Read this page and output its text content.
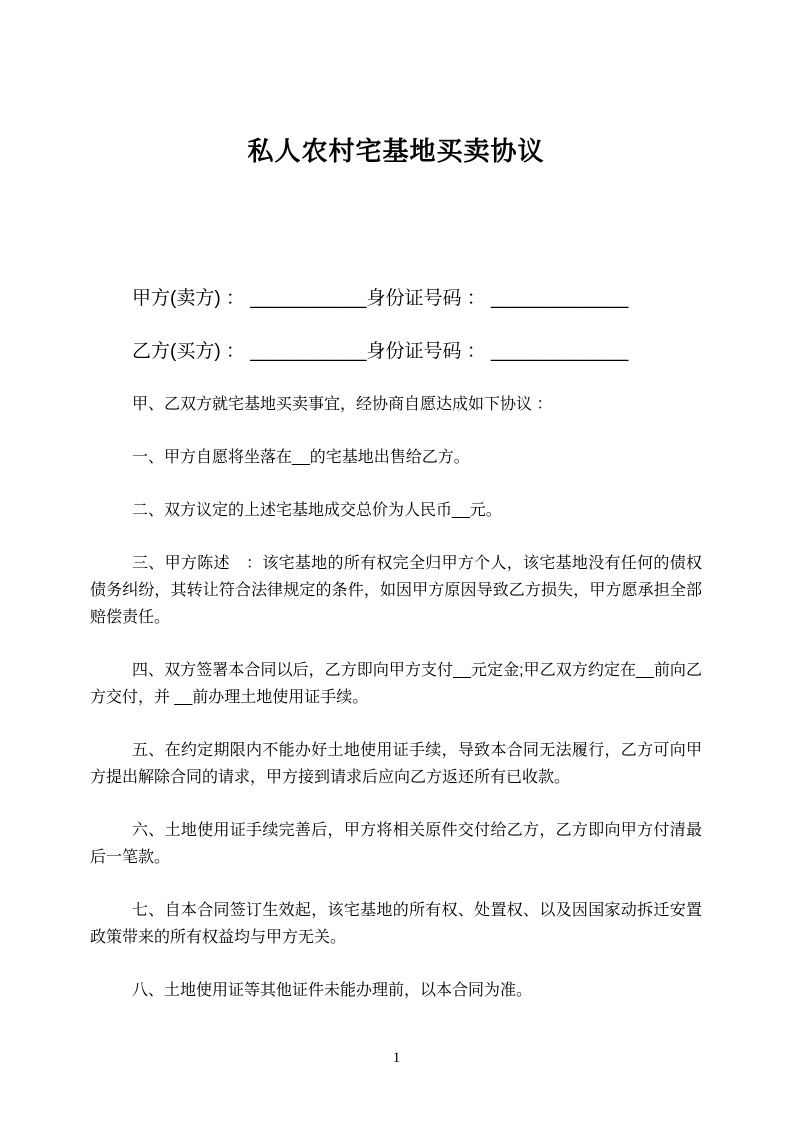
私人农村宅基地买卖协议

甲方(卖方) ： ___________身份证号码 ： _____________

乙方(买方) ： ___________身份证号码 ： _____________

甲、乙双方就宅基地买卖事宜，经协商自愿达成如下协议 ：

一、甲方自愿将坐落在__的宅基地出售给乙方。

二、双方议定的上述宅基地成交总价为人民币__元。

三、甲方陈述　：该宅基地的所有权完全归甲方个人，该宅基地没有任何的债权债务纠纷，其转让符合法律规定的条件，如因甲方原因导致乙方损失，甲方愿承担全部赔偿责任。

四、双方签署本合同以后，乙方即向甲方支付__元定金;甲乙双方约定在__前向乙方交付，并 __前办理土地使用证手续。

五、在约定期限内不能办好土地使用证手续，导致本合同无法履行，乙方可向甲方提出解除合同的请求，甲方接到请求后应向乙方返还所有已收款。

六、土地使用证手续完善后，甲方将相关原件交付给乙方，乙方即向甲方付清最后一笔款。

七、自本合同签订生效起，该宅基地的所有权、处置权、以及因国家动拆迁安置政策带来的所有权益均与甲方无关。

八、土地使用证等其他证件未能办理前，以本合同为准。

1
